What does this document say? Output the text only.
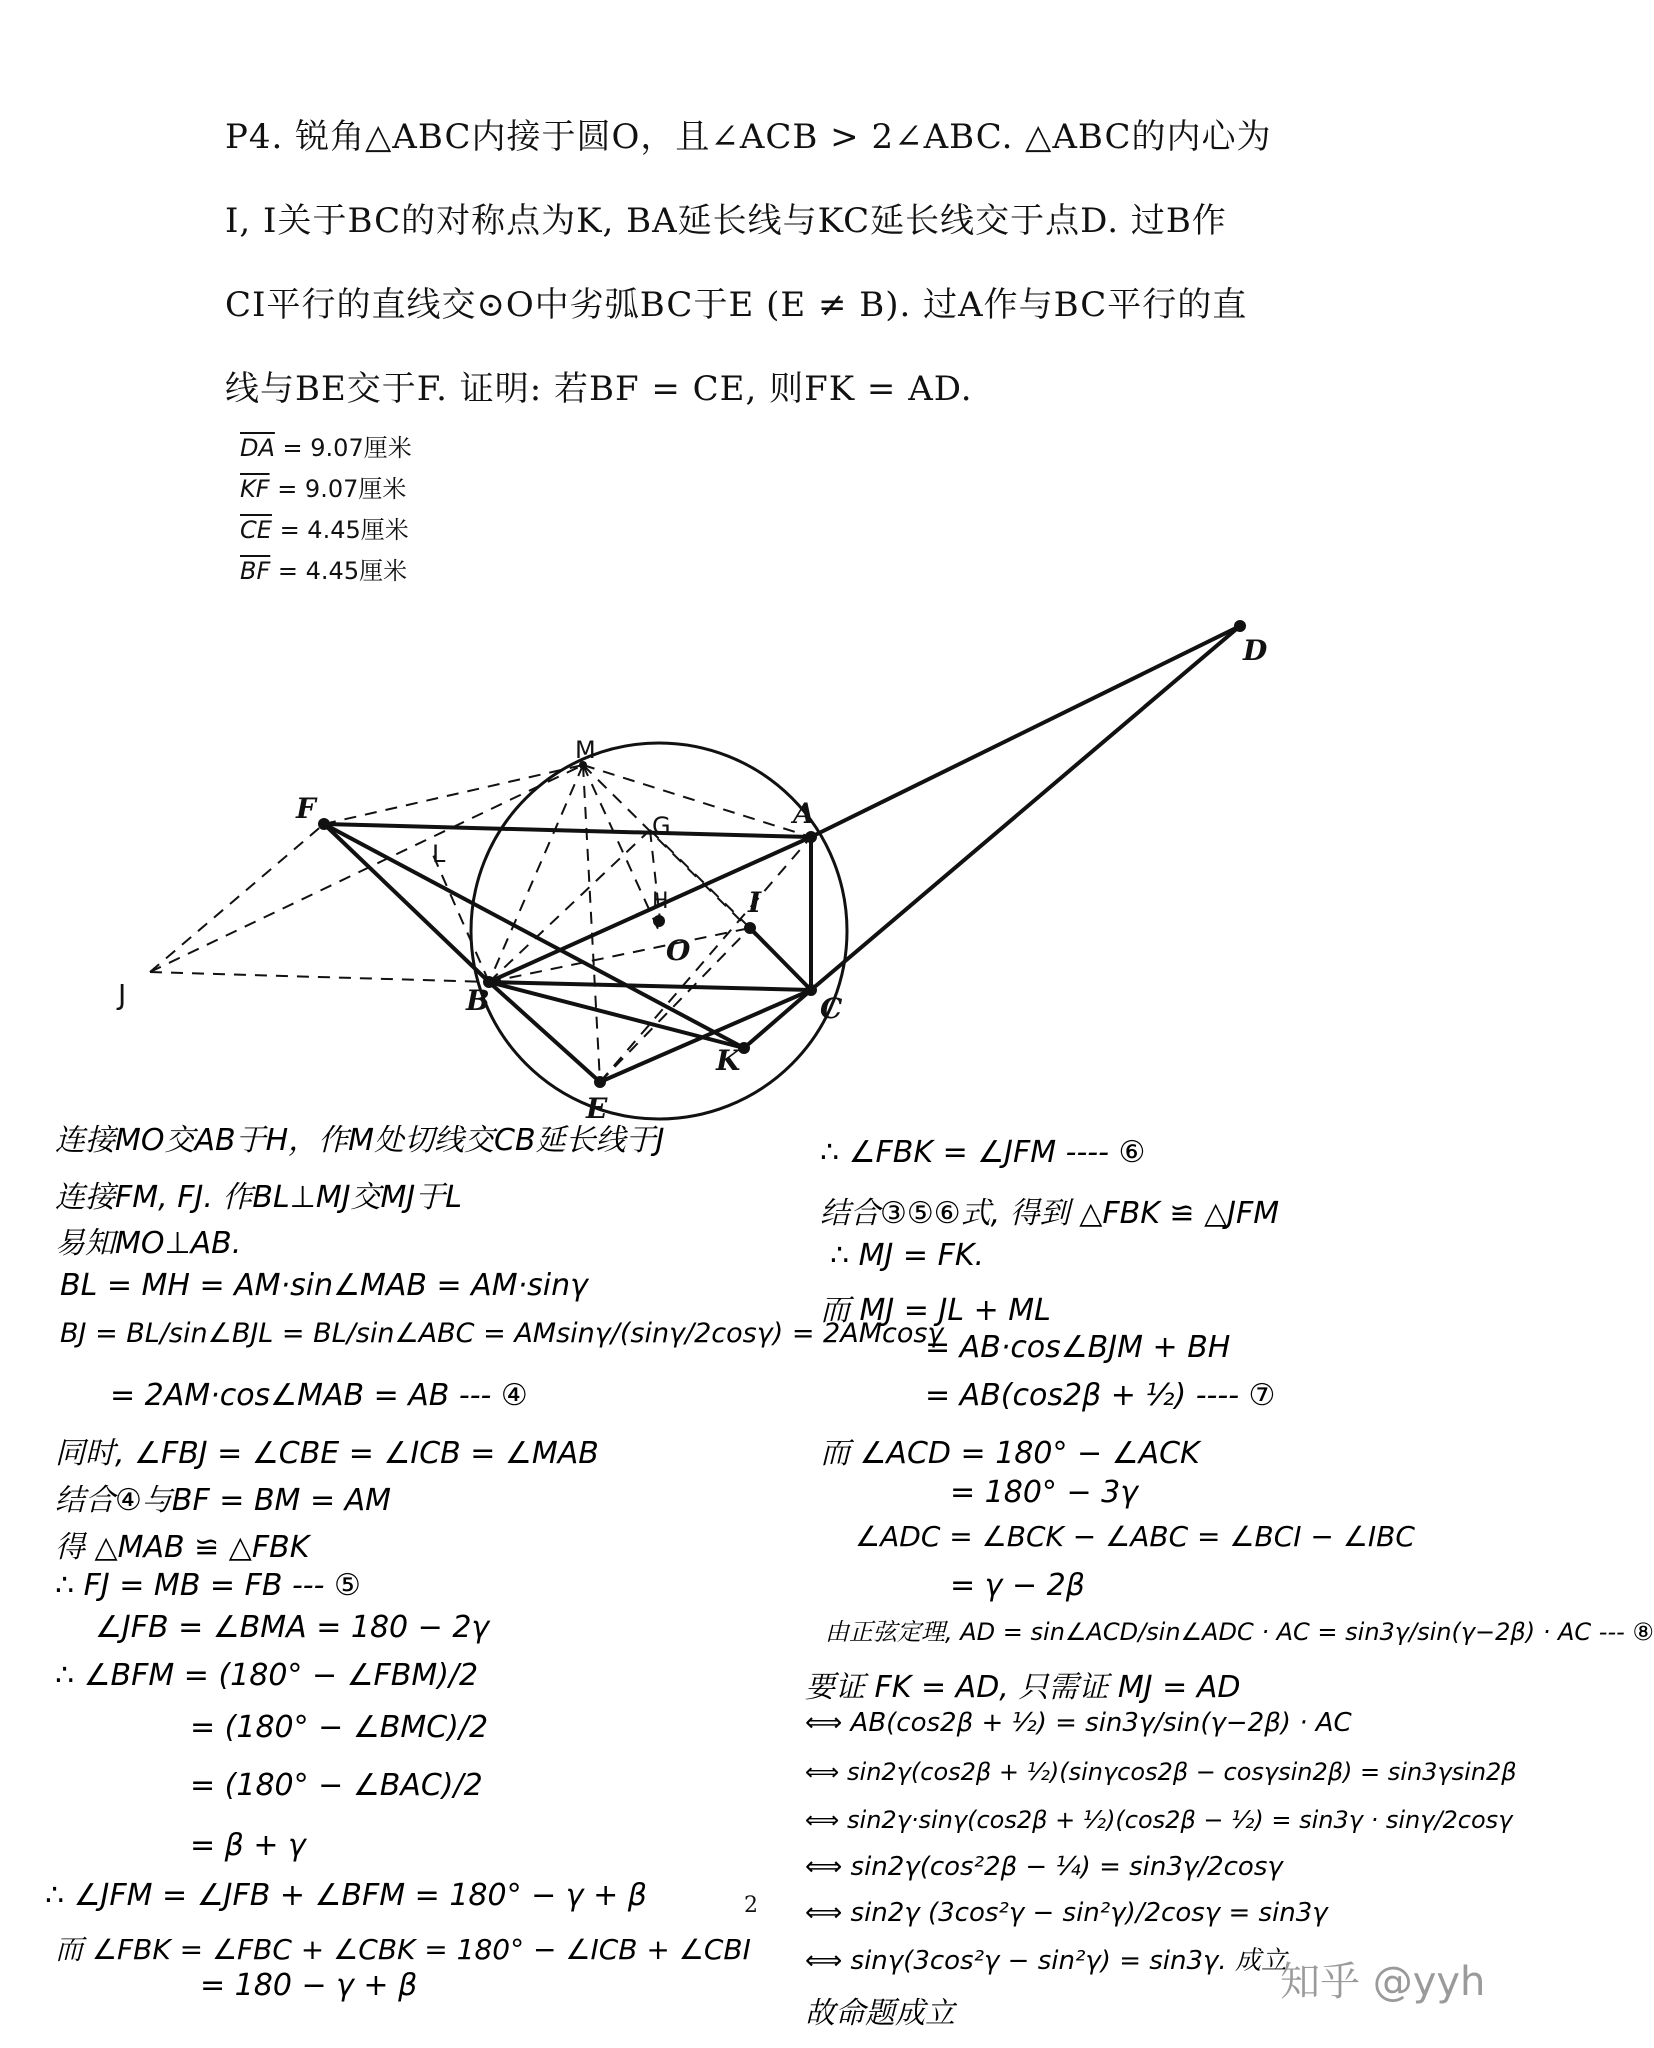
P4. 锐角△ABC内接于圆O，且∠ACB > 2∠ABC. △ABC的内心为
I, I关于BC的对称点为K, BA延长线与KC延长线交于点D. 过B作
CI平行的直线交⊙O中劣弧BC于E (E ≠ B). 过A作与BC平行的直
线与BE交于F. 证明: 若BF = CE, 则FK = AD.
$\overline{DA} = 9.07$厘米
$\overline{KF} = 9.07$厘米
$\overline{CE} = 4.45$厘米
$\overline{BF} = 4.45$厘米
D
M
F	A
G
L
H	I
O
J	B	C
K
E
连接MO交AB于H，作M处切线交CB延长线于J
连接FM, FJ. 作BL⊥MJ交MJ于L
易知MO⊥AB.
BL = MH = AM·sin∠MAB = AM·sinγ
BJ = BL/sin∠BJL = BL/sin∠ABC = AMsinγ/(sinγ/2cosγ) = 2AMcosγ
= 2AM·cos∠MAB = AB --- ④
同时, ∠FBJ = ∠CBE = ∠ICB = ∠MAB
结合④与BF = BM = AM
得 △MAB ≌ △FBK
∴ FJ = MB = FB --- ⑤
∠JFB = ∠BMA = 180 − 2γ
∴ ∠BFM = (180° − ∠FBM)/2
= (180° − ∠BMC)/2
= (180° − ∠BAC)/2
= β + γ
∴ ∠JFM = ∠JFB + ∠BFM = 180° − γ + β
而 ∠FBK = ∠FBC + ∠CBK = 180° − ∠ICB + ∠CBI
= 180 − γ + β
∴ ∠FBK = ∠JFM ---- ⑥
结合③⑤⑥式, 得到 △FBK ≌ △JFM
∴ MJ = FK.
而 MJ = JL + ML
= AB·cos∠BJM + BH
= AB(cos2β + ½) ---- ⑦
而 ∠ACD = 180° − ∠ACK
= 180° − 3γ
∠ADC = ∠BCK − ∠ABC = ∠BCI − ∠IBC
= γ − 2β
由正弦定理, AD = sin∠ACD/sin∠ADC · AC = sin3γ/sin(γ−2β) · AC --- ⑧
要证 FK = AD, 只需证 MJ = AD
⟺ AB(cos2β + ½) = sin3γ/sin(γ−2β) · AC
⟺ sin2γ(cos2β + ½)(sinγcos2β − cosγsin2β) = sin3γsin2β
⟺ sin2γ·sinγ(cos2β + ½)(cos2β − ½) = sin3γ · sinγ/2cosγ
⟺ sin2γ(cos²2β − ¼) = sin3γ/2cosγ
⟺ sin2γ (3cos²γ − sin²γ)/2cosγ = sin3γ
⟺ sinγ(3cos²γ − sin²γ) = sin3γ. 成立
故命题成立
2
知乎 @yyh
